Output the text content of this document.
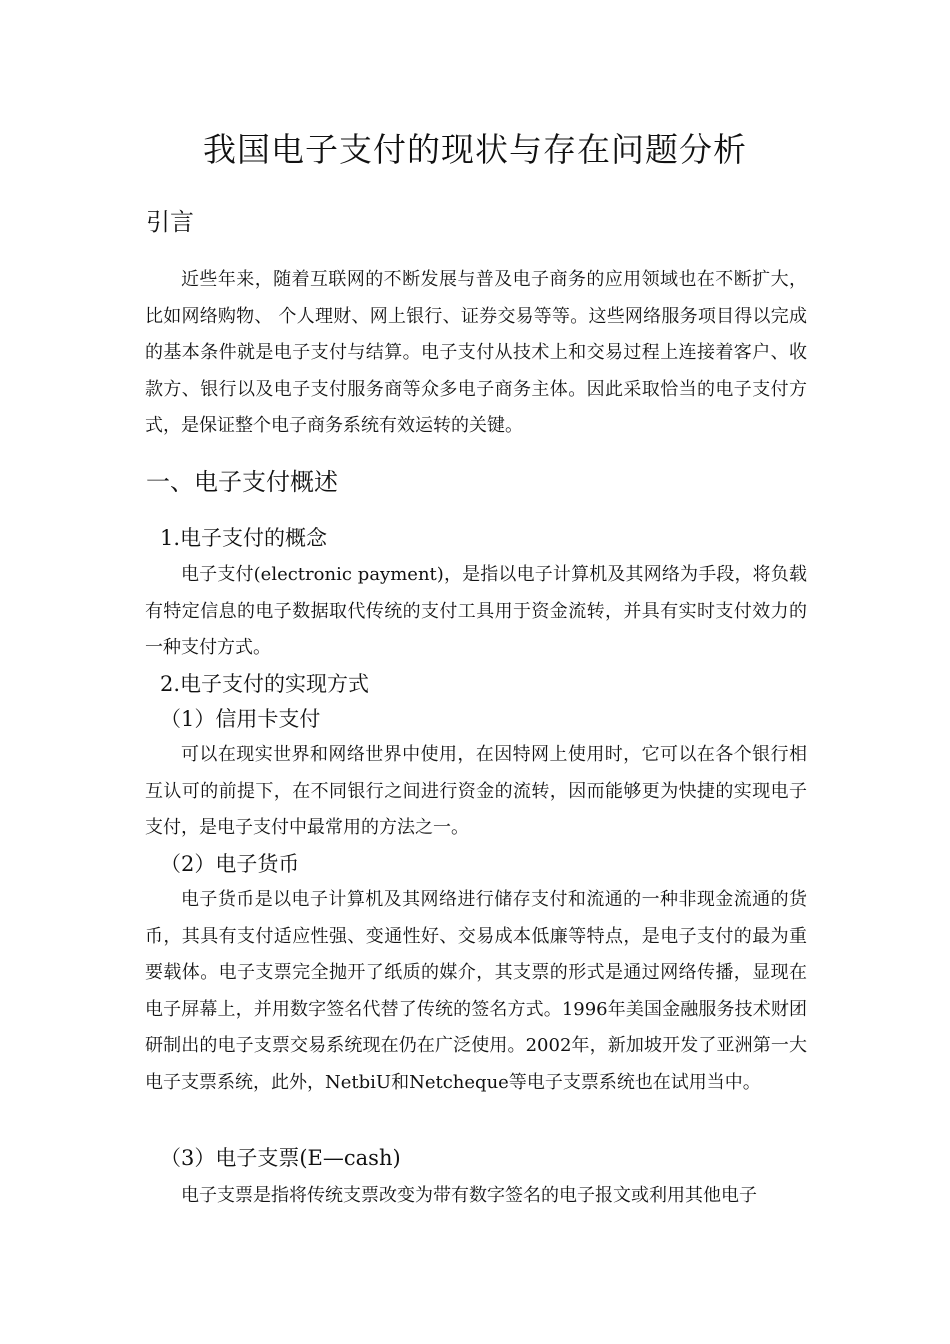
我国电子支付的现状与存在问题分析
引言

近些年来，随着互联网的不断发展与普及电子商务的应用领域也在不断扩大，比如网络购物、 个人理财、网上银行、证券交易等等。这些网络服务项目得以完成的基本条件就是电子支付与结算。电子支付从技术上和交易过程上连接着客户、收款方、银行以及电子支付服务商等众多电子商务主体。因此采取恰当的电子支付方式，是保证整个电子商务系统有效运转的关键。

一、电子支付概述
1.电子支付的概念

电子支付(electronic payment)，是指以电子计算机及其网络为手段，将负载有特定信息的电子数据取代传统的支付工具用于资金流转，并具有实时支付效力的一种支付方式。

2.电子支付的实现方式
（1）信用卡支付

可以在现实世界和网络世界中使用，在因特网上使用时，它可以在各个银行相互认可的前提下，在不同银行之间进行资金的流转，因而能够更为快捷的实现电子支付，是电子支付中最常用的方法之一。

（2）电子货币

电子货币是以电子计算机及其网络进行储存支付和流通的一种非现金流通的货币，其具有支付适应性强、变通性好、交易成本低廉等特点，是电子支付的最为重要载体。电子支票完全抛开了纸质的媒介，其支票的形式是通过网络传播，显现在电子屏幕上，并用数字签名代替了传统的签名方式。1996年美国金融服务技术财团研制出的电子支票交易系统现在仍在广泛使用。2002年，新加坡开发了亚洲第一大电子支票系统，此外，NetbiU和Netcheque等电子支票系统也在试用当中。

（3）电子支票(E—cash)

电子支票是指将传统支票改变为带有数字签名的电子报文或利用其他电子
